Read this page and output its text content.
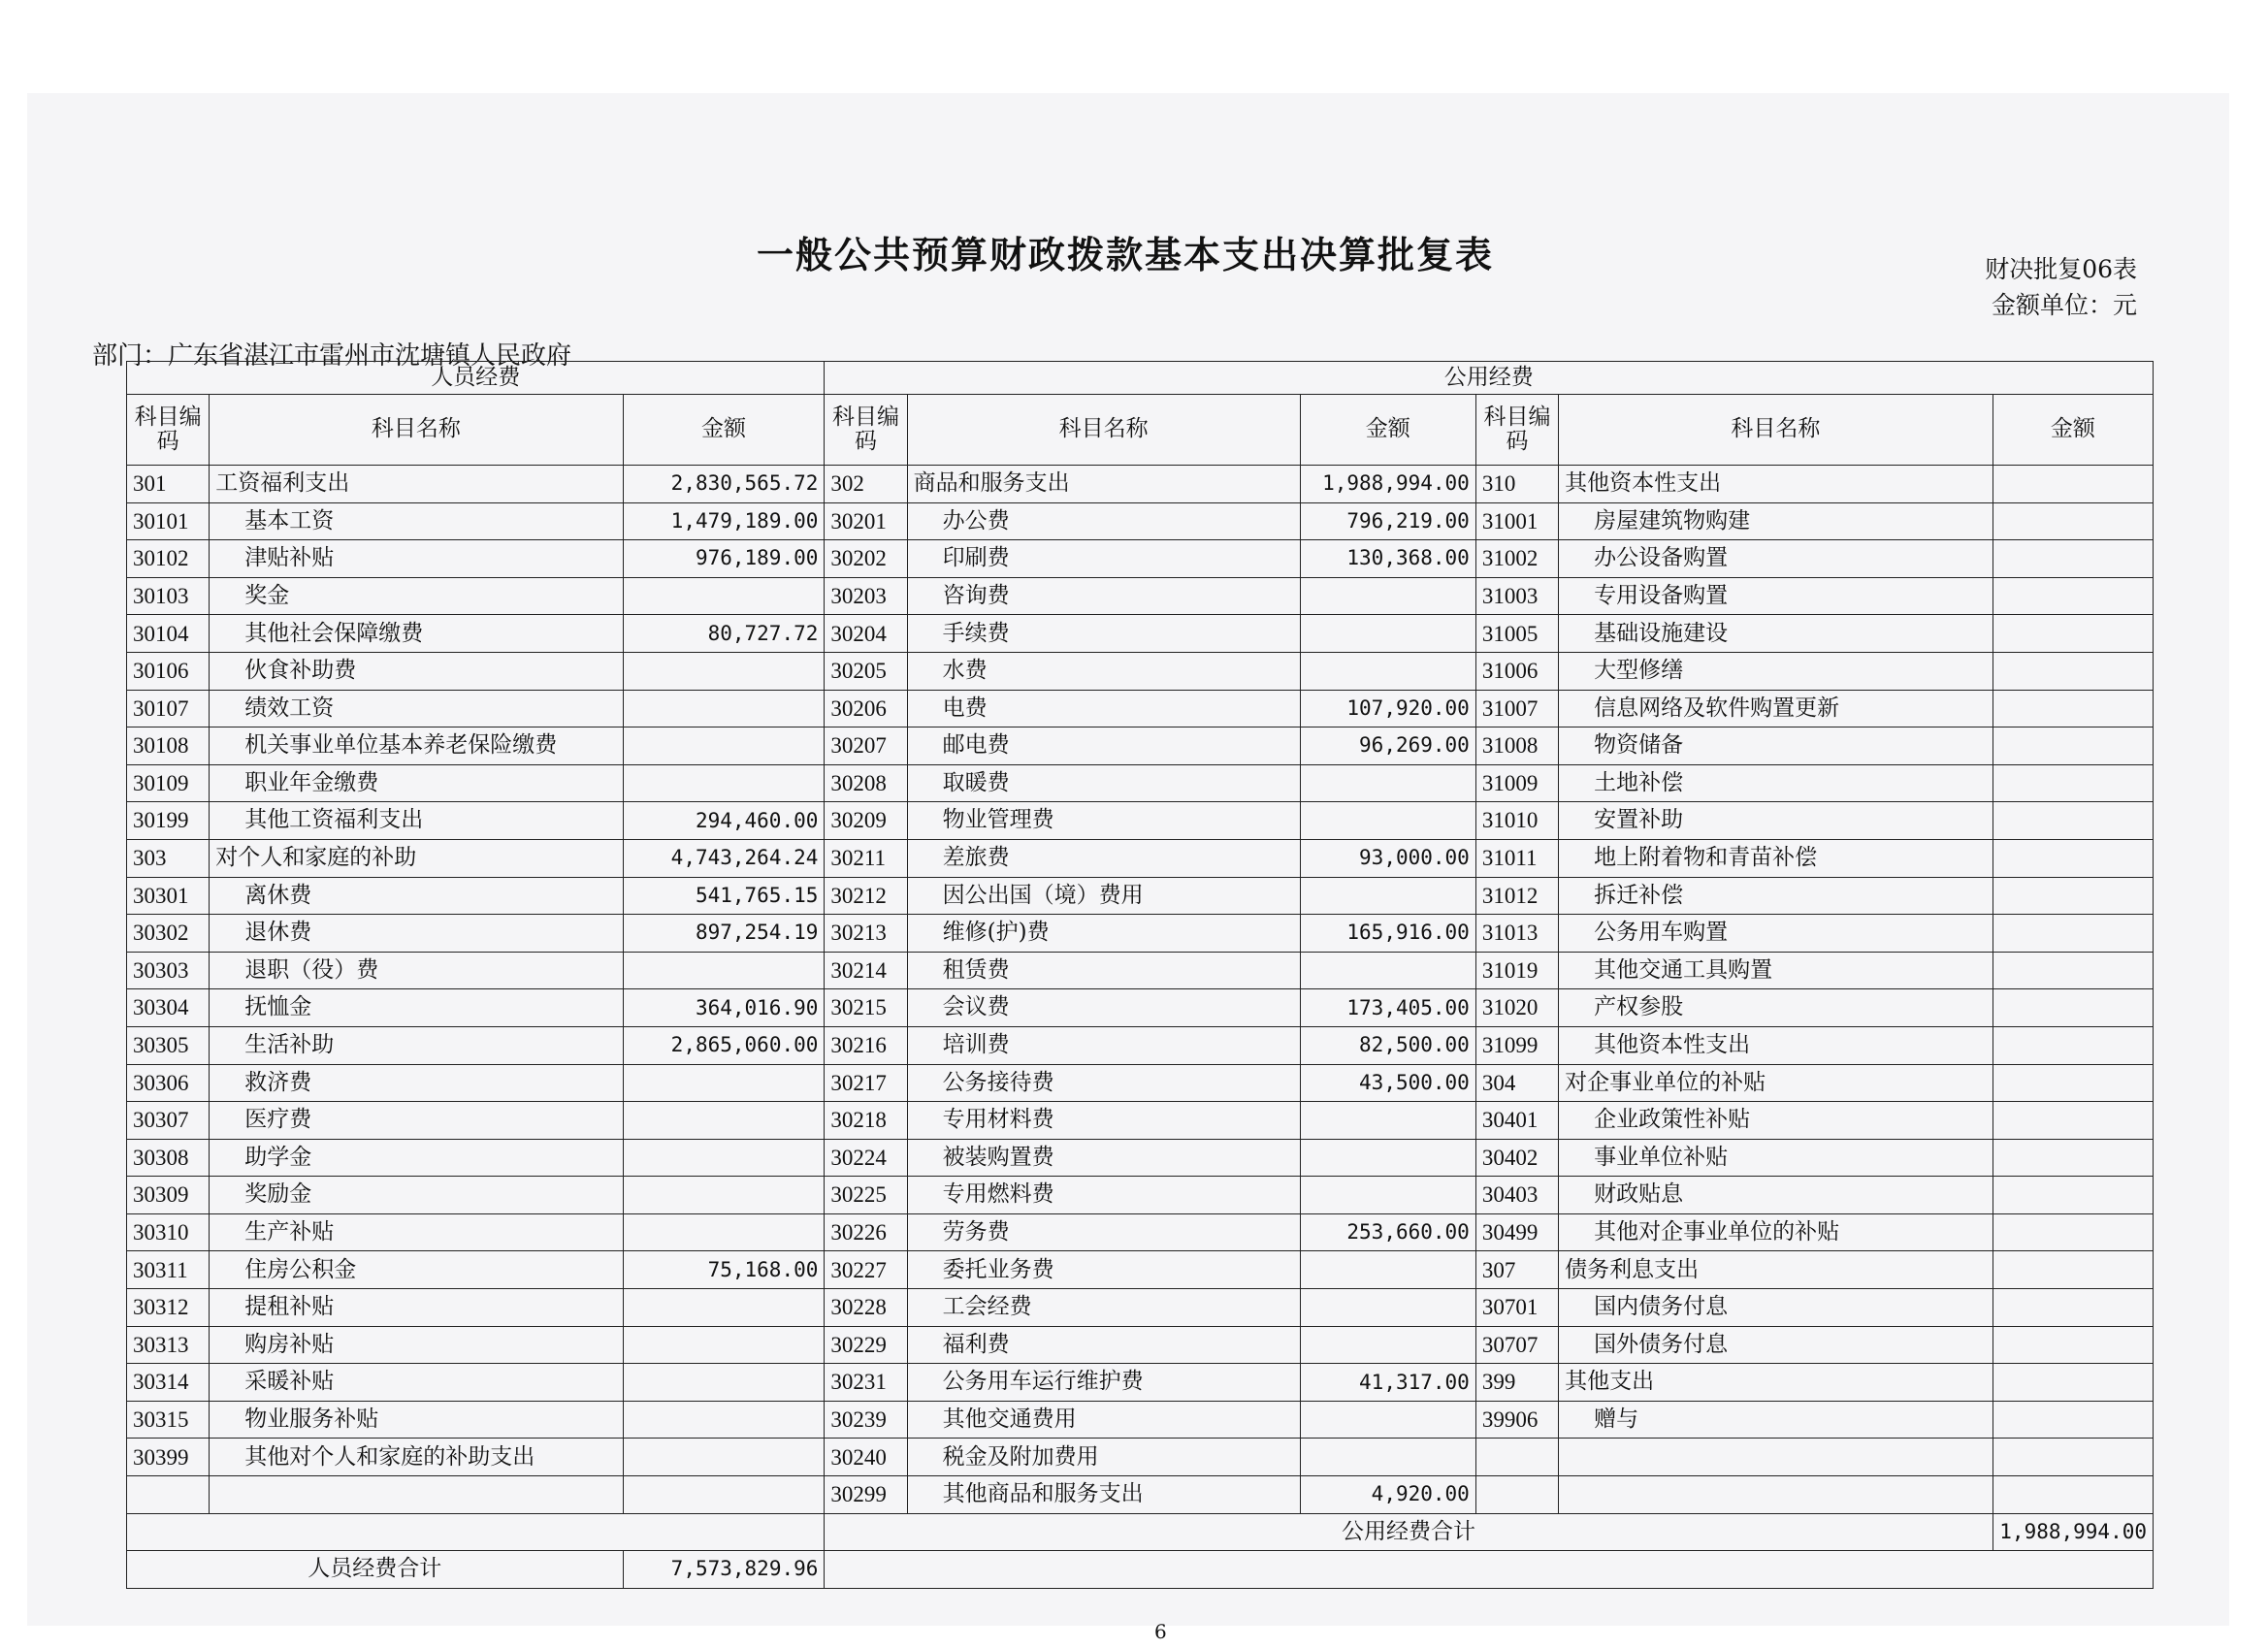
一般公共预算财政拨款基本支出决算批复表	财决批复06表
金额单位：元
部门：广东省湛江市雷州市沈塘镇人民政府
人员经费			公用经费					
科目编码	科目名称	金额	科目编码	科目名称	金额	科目编码	科目名称	金额
301	工资福利支出	2,830,565.72	302	商品和服务支出	1,988,994.00	310	其他资本性支出	
30101	基本工资	1,479,189.00	30201	办公费	796,219.00	31001	房屋建筑物购建	
30102	津贴补贴	976,189.00	30202	印刷费	130,368.00	31002	办公设备购置	
30103	奖金		30203	咨询费		31003	专用设备购置	
30104	其他社会保障缴费	80,727.72	30204	手续费		31005	基础设施建设	
30106	伙食补助费		30205	水费		31006	大型修缮	
30107	绩效工资		30206	电费	107,920.00	31007	信息网络及软件购置更新	
30108	机关事业单位基本养老保险缴费		30207	邮电费	96,269.00	31008	物资储备	
30109	职业年金缴费		30208	取暖费		31009	土地补偿	
30199	其他工资福利支出	294,460.00	30209	物业管理费		31010	安置补助	
303	对个人和家庭的补助	4,743,264.24	30211	差旅费	93,000.00	31011	地上附着物和青苗补偿	
30301	离休费	541,765.15	30212	因公出国（境）费用		31012	拆迁补偿	
30302	退休费	897,254.19	30213	维修(护)费	165,916.00	31013	公务用车购置	
30303	退职（役）费		30214	租赁费		31019	其他交通工具购置	
30304	抚恤金	364,016.90	30215	会议费	173,405.00	31020	产权参股	
30305	生活补助	2,865,060.00	30216	培训费	82,500.00	31099	其他资本性支出	
30306	救济费		30217	公务接待费	43,500.00	304	对企事业单位的补贴	
30307	医疗费		30218	专用材料费		30401	企业政策性补贴	
30308	助学金		30224	被装购置费		30402	事业单位补贴	
30309	奖励金		30225	专用燃料费		30403	财政贴息	
30310	生产补贴		30226	劳务费	253,660.00	30499	其他对企事业单位的补贴	
30311	住房公积金	75,168.00	30227	委托业务费		307	债务利息支出	
30312	提租补贴		30228	工会经费		30701	国内债务付息	
30313	购房补贴		30229	福利费		30707	国外债务付息	
30314	采暖补贴		30231	公务用车运行维护费	41,317.00	399	其他支出	
30315	物业服务补贴		30239	其他交通费用		39906	赠与	
30399	其他对个人和家庭的补助支出		30240	税金及附加费用				
			30299	其他商品和服务支出	4,920.00			
			公用经费合计					1,988,994.00
人员经费合计		7,573,829.96						
6
